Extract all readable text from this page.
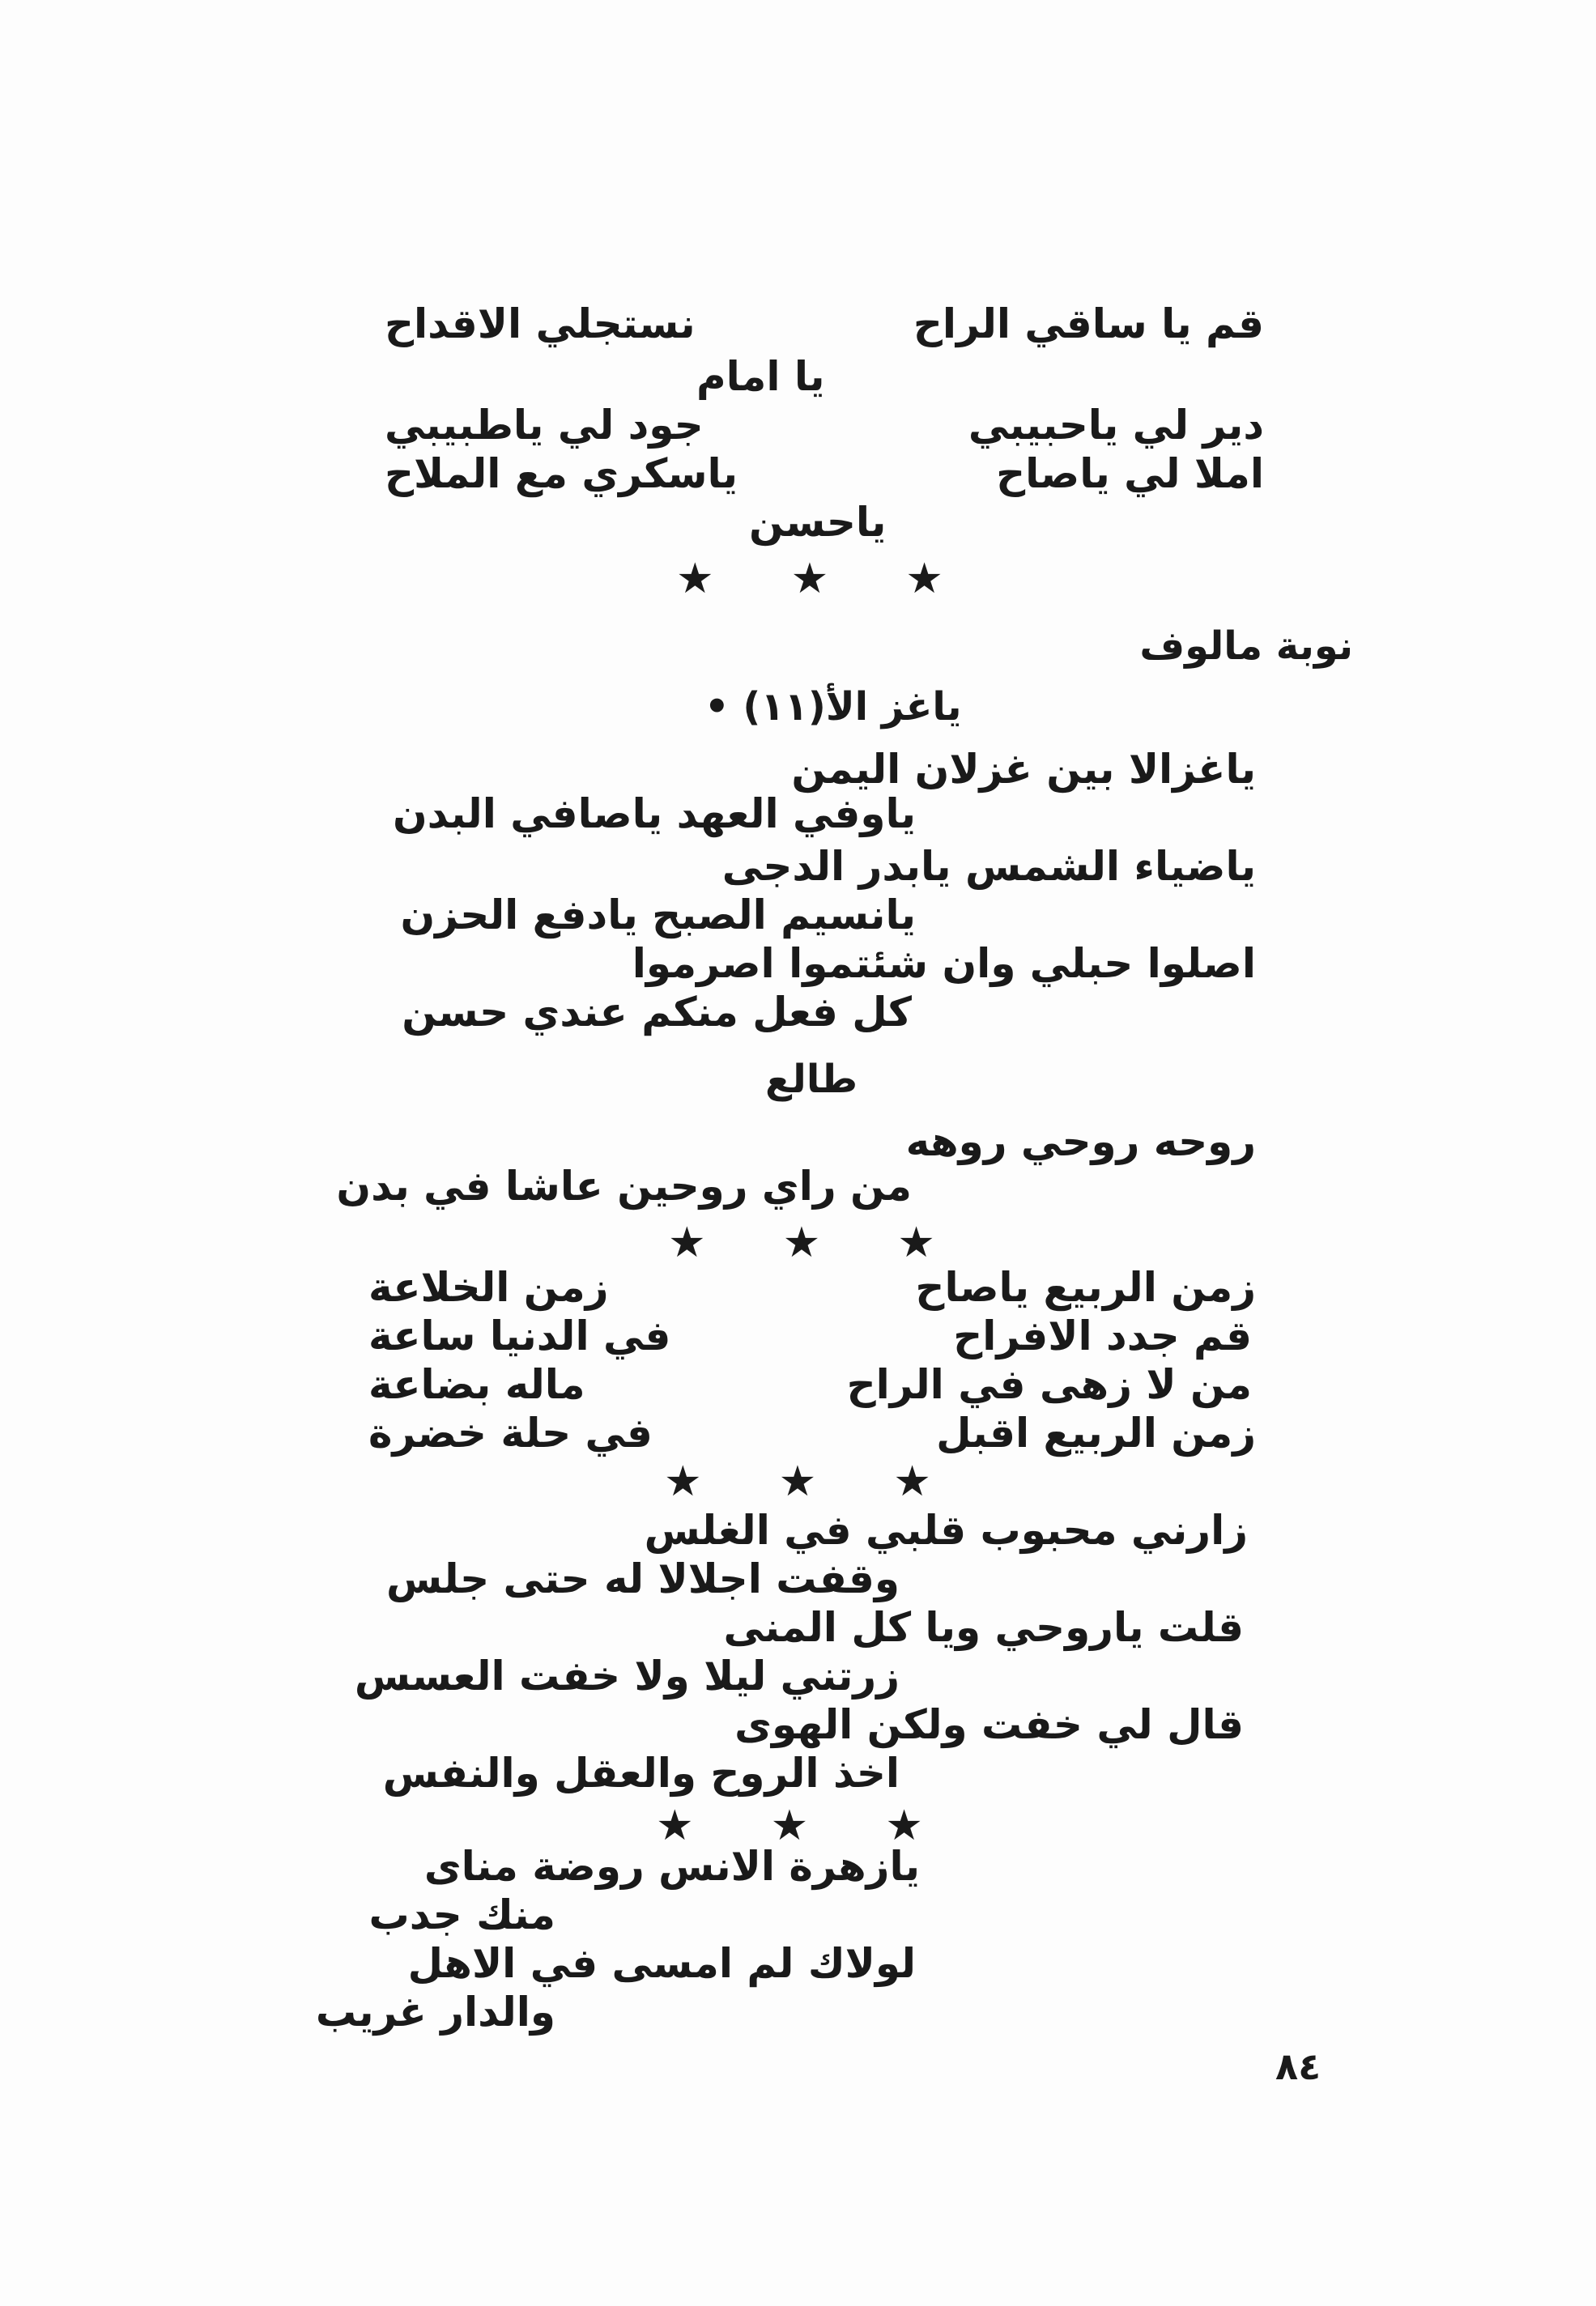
قم يا ساقي الراح
نستجلي الاقداح
يا امام
دير لي ياحبيبي
جود لي ياطبيبي
املا لي ياصاح
ياسكري مع الملاح
ياحسن
★★★
نوبة مالوف
ياغز الأ(١١) •
ياغزالا بين غزلان اليمن
ياوفي العهد ياصافي البدن
ياضياء الشمس يابدر الدجى
يانسيم الصبح يادفع الحزن
اصلوا حبلي وان شئتموا اصرموا
كل فعل منكم عندي حسن
طالع
روحه روحي روهه
من راي روحين عاشا في بدن
★★★
زمن الربيع ياصاح
زمن الخلاعة
قم جدد الافراح
في الدنيا ساعة
من لا زهى في الراح
ماله بضاعة
زمن الربيع اقبل
في حلة خضرة
★★★
زارني محبوب قلبي في الغلس
وقفت اجلالا له حتى جلس
قلت ياروحي ويا كل المنى
زرتني ليلا ولا خفت العسس
قال لي خفت ولكن الهوى
اخذ الروح والعقل والنفس
★★★
يازهرة الانس روضة مناى
منك جدب
لولاك لم امسى في الاهل
والدار غريب
٨٤
